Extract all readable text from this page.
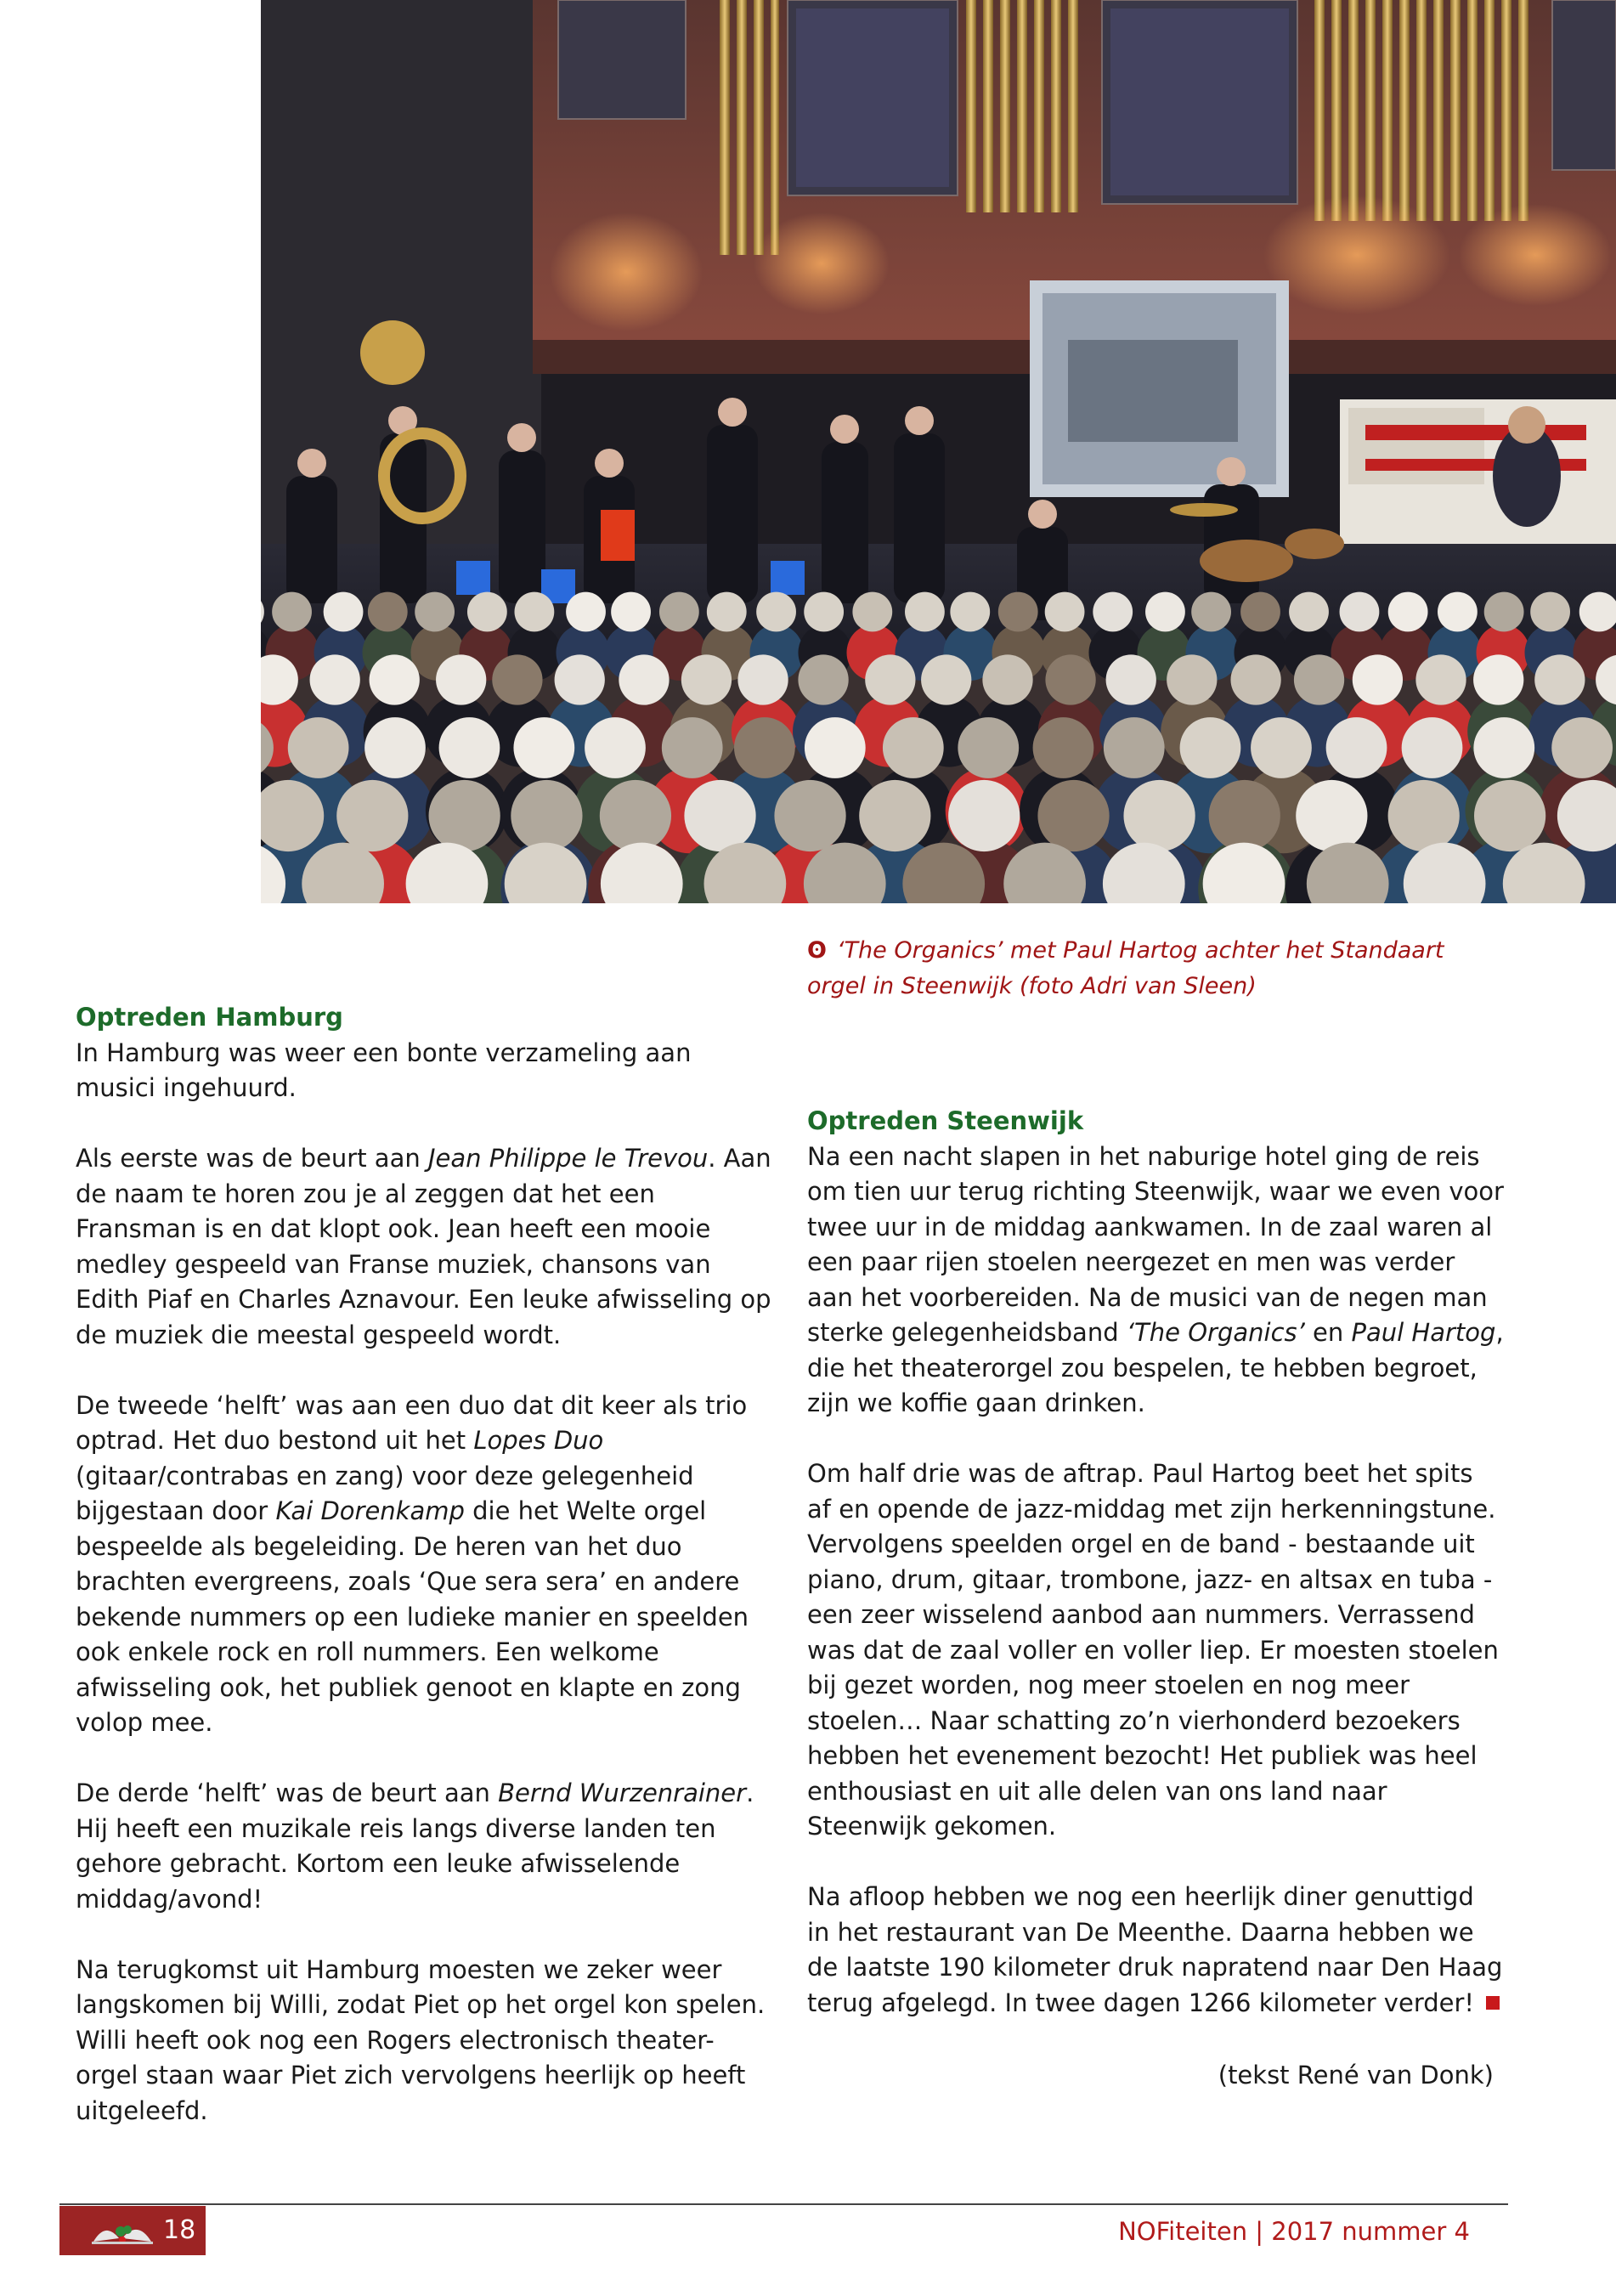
ʘ ‘The Organics’ met Paul Hartog achter het Standaart orgel in Steenwijk (foto Adri van Sleen)
Optreden Hamburg

In Hamburg was weer een bonte verzameling aan musici ingehuurd.

Als eerste was de beurt aan Jean Philippe le Trevou. Aan de naam te horen zou je al zeggen dat het een Fransman is en dat klopt ook. Jean heeft een mooie medley gespeeld van Franse muziek, chansons van Edith Piaf en Charles Aznavour. Een leuke afwisseling op de muziek die meestal gespeeld wordt.

De tweede ‘helft’ was aan een duo dat dit keer als trio optrad. Het duo bestond uit het Lopes Duo (gitaar/contrabas en zang) voor deze gelegenheid bijgestaan door Kai Dorenkamp die het Welte orgel bespeelde als begeleiding. De heren van het duo brachten evergreens, zoals ‘Que sera sera’ en andere bekende nummers op een ludieke manier en speelden ook enkele rock en roll nummers. Een welkome afwisseling ook, het publiek genoot en klapte en zong volop mee.

De derde ‘helft’ was de beurt aan Bernd Wurzenrainer. Hij heeft een muzikale reis langs diverse landen ten gehore gebracht. Kortom een leuke afwisselende middag/avond!

Na terugkomst uit Hamburg moesten we zeker weer langskomen bij Willi, zodat Piet op het orgel kon spelen. Willi heeft ook nog een Rogers electronisch theater-orgel staan waar Piet zich vervolgens heerlijk op heeft uitgeleefd.

Optreden Steenwijk

Na een nacht slapen in het naburige hotel ging de reis om tien uur terug richting Steenwijk, waar we even voor twee uur in de middag aankwamen. In de zaal waren al een paar rijen stoelen neergezet en men was verder aan het voorbereiden. Na de musici van de negen man sterke gelegenheidsband ‘The Organics’ en Paul Hartog, die het theaterorgel zou bespelen, te hebben begroet, zijn we koffie gaan drinken.

Om half drie was de aftrap. Paul Hartog beet het spits af en opende de jazz-middag met zijn herkenningstune. Vervolgens speelden orgel en de band - bestaande uit piano, drum, gitaar, trombone, jazz- en altsax en tuba - een zeer wisselend aanbod aan nummers. Verrassend was dat de zaal voller en voller liep. Er moesten stoelen bij gezet worden, nog meer stoelen en nog meer stoelen… Naar schatting zo’n vierhonderd bezoekers hebben het evenement bezocht! Het publiek was heel enthousiast en uit alle delen van ons land naar Steenwijk gekomen.

Na afloop hebben we nog een heerlijk diner genuttigd in het restaurant van De Meenthe. Daarna hebben we de laatste 190 kilometer druk napratend naar Den Haag terug afgelegd. In twee dagen 1266 kilometer verder!

(tekst René van Donk)
18	NOFiteiten | 2017 nummer 4
